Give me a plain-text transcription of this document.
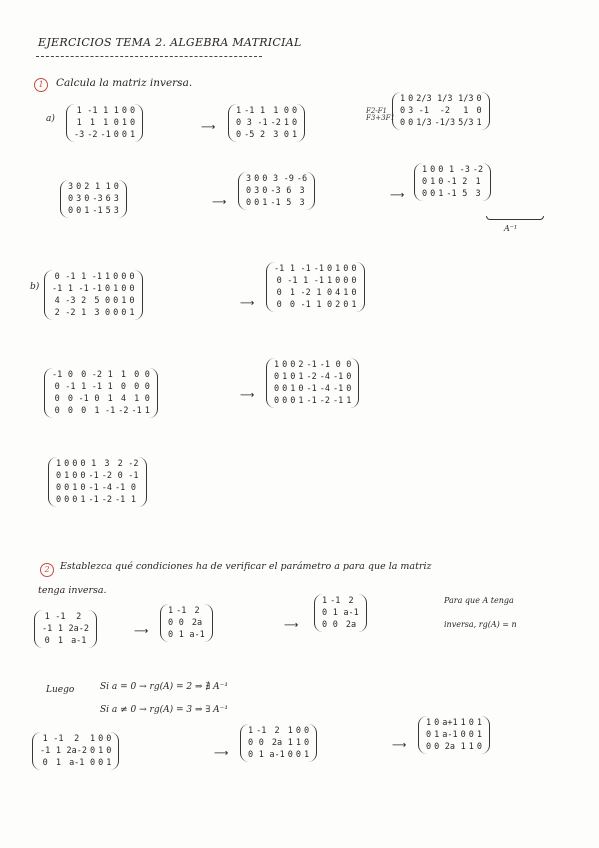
EJERCICIOS TEMA 2. ALGEBRA MATRICIAL
1	Calcula la matriz inversa.
a)
1 -1 1 1 0 0
1 1 1 0 1 0
-3 -2 -1 0 0 1
⟶
1 -1 1 1 0 0
0 3 -1 -2 1 0
0 -5 2 3 0 1
F2-F1
F3+3F1
1 0 2/3 1/3 1/3 0
0 3 -1 -2 1 0
0 0 1/3 -1/3 5/3 1
3 0 2 1 1 0
0 3 0 -3 6 3
0 0 1 -1 5 3
⟶
3 0 0 3 -9 -6
0 3 0 -3 6 3
0 0 1 -1 5 3
⟶
1 0 0 1 -3 -2
0 1 0 -1 2 1
0 0 1 -1 5 3
A⁻¹
b)
0 -1 1 -1 1 0 0 0
-1 1 -1 -1 0 1 0 0
4 -3 2 5 0 0 1 0
2 -2 1 3 0 0 0 1
⟶
-1 1 -1 -1 0 1 0 0
0 -1 1 -1 1 0 0 0
0 1 -2 1 0 4 1 0
0 0 -1 1 0 2 0 1
-1 0 0 -2 1 1 0 0
0 -1 1 -1 1 0 0 0
0 0 -1 0 1 4 1 0
0 0 0 1 -1 -2 -1 1
⟶
1 0 0 2 -1 -1 0 0
0 1 0 1 -2 -4 -1 0
0 0 1 0 -1 -4 -1 0
0 0 0 1 -1 -2 -1 1
1 0 0 0 1 3 2 -2
0 1 0 0 -1 -2 0 -1
0 0 1 0 -1 -4 -1 0
0 0 0 1 -1 -2 -1 1
2	Establezca qué condiciones ha de verificar el parámetro a para que la matriz
tenga inversa.
1 -1 2
-1 1 2a-2
0 1 a-1
⟶
1 -1 2
0 0 2a
0 1 a-1
⟶
1 -1 2
0 1 a-1
0 0 2a
Para que A tenga
inversa, rg(A) = n
Luego	Si a = 0 → rg(A) = 2 ⇒ ∄ A⁻¹
Si a ≠ 0 → rg(A) = 3 ⇒ ∃ A⁻¹
1 -1 2 1 0 0
-1 1 2a-2 0 1 0
0 1 a-1 0 0 1
⟶
1 -1 2 1 0 0
0 0 2a 1 1 0
0 1 a-1 0 0 1
⟶
1 0 a+1 1 0 1
0 1 a-1 0 0 1
0 0 2a 1 1 0
